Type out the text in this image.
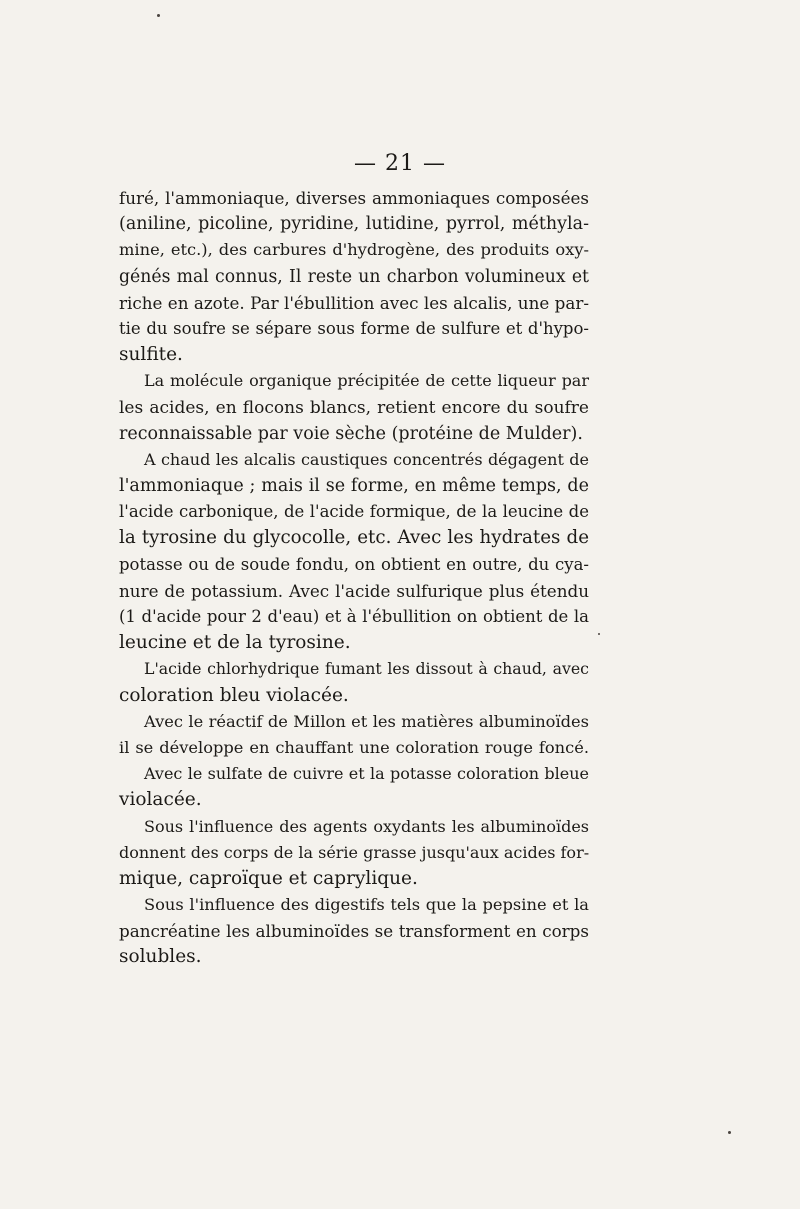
— 21 —
furé, l'ammoniaque, diverses ammoniaques composées
(aniline, picoline, pyridine, lutidine, pyrrol, méthyla-
mine, etc.), des carbures d'hydrogène, des produits oxy-
génés mal connus, Il reste un charbon volumineux et
riche en azote. Par l'ébullition avec les alcalis, une par-
tie du soufre se sépare sous forme de sulfure et d'hypo-
sulfite.
La molécule organique précipitée de cette liqueur par
les acides, en flocons blancs, retient encore du soufre
reconnaissable par voie sèche (protéine de Mulder).
A chaud les alcalis caustiques concentrés dégagent de
l'ammoniaque ; mais il se forme, en même temps, de
l'acide carbonique, de l'acide formique, de la leucine de
la tyrosine du glycocolle, etc. Avec les hydrates de
potasse ou de soude fondu, on obtient en outre, du cya-
nure de potassium. Avec l'acide sulfurique plus étendu
(1 d'acide pour 2 d'eau) et à l'ébullition on obtient de la
leucine et de la tyrosine.
L'acide chlorhydrique fumant les dissout à chaud, avec
coloration bleu violacée.
Avec le réactif de Millon et les matières albuminoïdes
il se développe en chauffant une coloration rouge foncé.
Avec le sulfate de cuivre et la potasse coloration bleue
violacée.
Sous l'influence des agents oxydants les albuminoïdes
donnent des corps de la série grasse jusqu'aux acides for-
mique, caproïque et caprylique.
Sous l'influence des digestifs tels que la pepsine et la
pancréatine les albuminoïdes se transforment en corps
solubles.
